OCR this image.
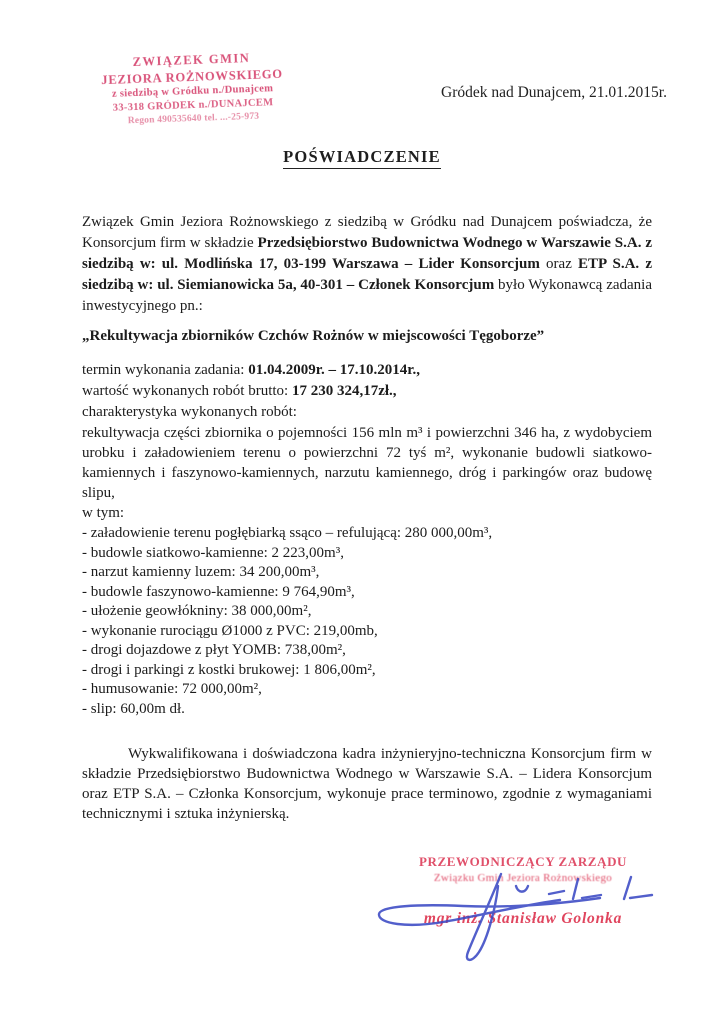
ZWIĄZEK GMIN
JEZIORA ROŻNOWSKIEGO
z siedzibą w Gródku n./Dunajcem
33-318 GRÓDEK n./DUNAJCEM
Regon 490535640 tel. ...-25-973
Gródek nad Dunajcem, 21.01.2015r.
POŚWIADCZENIE

Związek Gmin Jeziora Rożnowskiego z siedzibą w Gródku nad Dunajcem poświadcza, że Konsorcjum firm w składzie Przedsiębiorstwo Budownictwa Wodnego w Warszawie S.A. z siedzibą w: ul. Modlińska 17, 03-199 Warszawa – Lider Konsorcjum oraz ETP S.A. z siedzibą w: ul. Siemianowicka 5a, 40-301 – Członek Konsorcjum było Wykonawcą zadania inwestycyjnego pn.:

„Rekultywacja zbiorników Czchów Rożnów w miejscowości Tęgoborze”

termin wykonania zadania: 01.04.2009r. – 17.10.2014r.,

wartość wykonanych robót brutto: 17 230 324,17zł.,

charakterystyka wykonanych robót:

rekultywacja części zbiornika o pojemności 156 mln m³ i powierzchni 346 ha, z wydobyciem urobku i załadowieniem terenu o powierzchni 72 tyś m², wykonanie budowli siatkowo-kamiennych i faszynowo-kamiennych, narzutu kamiennego, dróg i parkingów oraz budowę slipu,

w tym:

- załadowienie terenu pogłębiarką ssąco – refulującą: 280 000,00m³,
- budowle siatkowo-kamienne: 2 223,00m³,
- narzut kamienny luzem: 34 200,00m³,
- budowle faszynowo-kamienne: 9 764,90m³,
- ułożenie geowłókniny: 38 000,00m²,
- wykonanie rurociągu Ø1000 z PVC: 219,00mb,
- drogi dojazdowe z płyt YOMB: 738,00m²,
- drogi i parkingi z kostki brukowej: 1 806,00m²,
- humusowanie: 72 000,00m²,
- slip: 60,00m dł.

Wykwalifikowana i doświadczona kadra inżynieryjno-techniczna Konsorcjum firm w składzie Przedsiębiorstwo Budownictwa Wodnego w Warszawie S.A. – Lidera Konsorcjum oraz ETP S.A. – Członka Konsorcjum, wykonuje prace terminowo, zgodnie z wymaganiami technicznymi i sztuka inżynierską.

PRZEWODNICZĄCY ZARZĄDU
Związku Gmin Jeziora Rożnowskiego
mgr inż. Stanisław Golonka
